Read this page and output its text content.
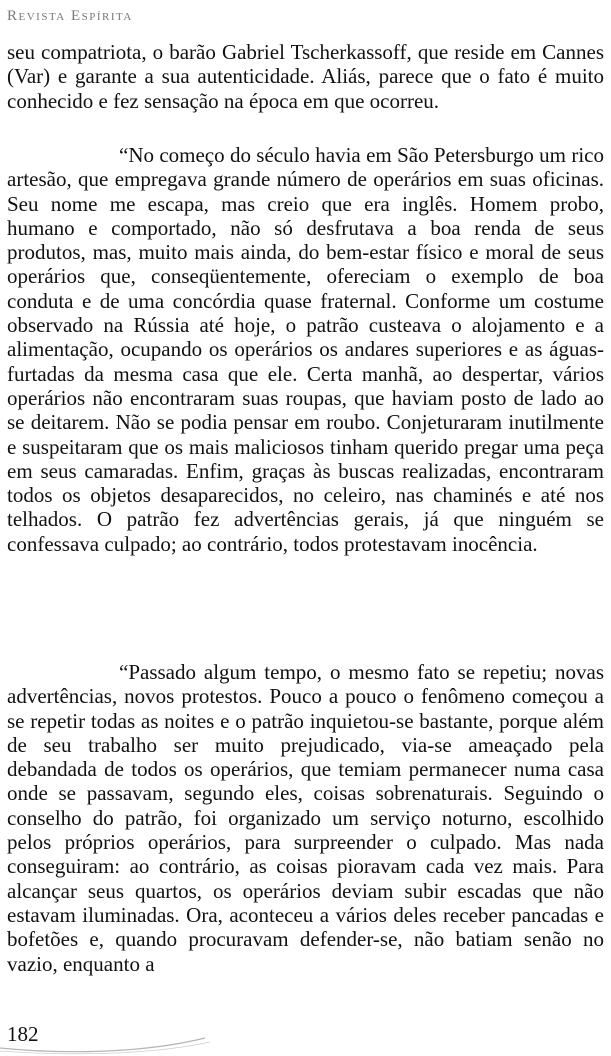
Revista Espírita

seu compatriota, o barão Gabriel Tscherkassoff, que reside em Cannes (Var) e garante a sua autenticidade. Aliás, parece que o fato é muito conhecido e fez sensação na época em que ocorreu.

“No começo do século havia em São Petersburgo um rico artesão, que empregava grande número de operários em suas oficinas. Seu nome me escapa, mas creio que era inglês. Homem probo, humano e comportado, não só desfrutava a boa renda de seus produtos, mas, muito mais ainda, do bem-estar físico e moral de seus operários que, conseqüentemente, ofereciam o exemplo de boa conduta e de uma concórdia quase fraternal. Conforme um costume observado na Rússia até hoje, o patrão custeava o alojamento e a alimentação, ocupando os operários os andares superiores e as águas-furtadas da mesma casa que ele. Certa manhã, ao despertar, vários operários não encontraram suas roupas, que haviam posto de lado ao se deitarem. Não se podia pensar em roubo. Conjeturaram inutilmente e suspeitaram que os mais maliciosos tinham querido pregar uma peça em seus camaradas. Enfim, graças às buscas realizadas, encontraram todos os objetos desaparecidos, no celeiro, nas chaminés e até nos telhados. O patrão fez advertências gerais, já que ninguém se confessava culpado; ao contrário, todos protestavam inocência.

“Passado algum tempo, o mesmo fato se repetiu; novas advertências, novos protestos. Pouco a pouco o fenômeno começou a se repetir todas as noites e o patrão inquietou-se bastante, porque além de seu trabalho ser muito prejudicado, via-se ameaçado pela debandada de todos os operários, que temiam permanecer numa casa onde se passavam, segundo eles, coisas sobrenaturais. Seguindo o conselho do patrão, foi organizado um serviço noturno, escolhido pelos próprios operários, para surpreender o culpado. Mas nada conseguiram: ao contrário, as coisas pioravam cada vez mais. Para alcançar seus quartos, os operários deviam subir escadas que não estavam iluminadas. Ora, aconteceu a vários deles receber pancadas e bofetões e, quando procuravam defender-se, não batiam senão no vazio, enquanto a

182
